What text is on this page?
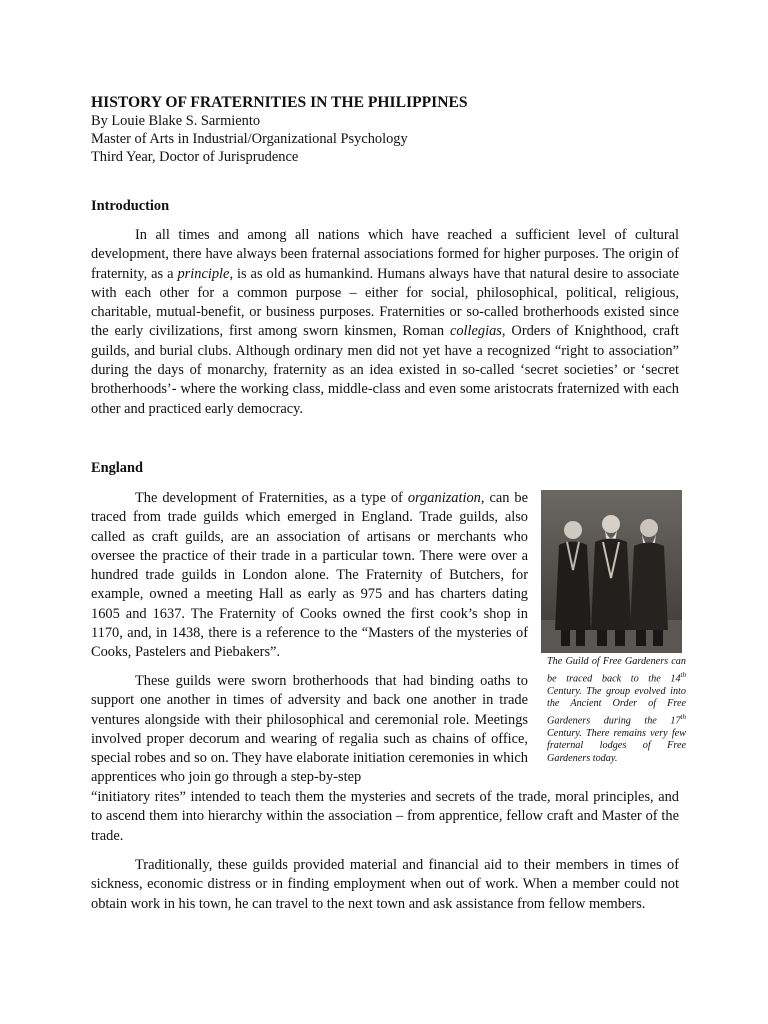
HISTORY OF FRATERNITIES IN THE PHILIPPINES

By Louie Blake S. Sarmiento

Master of Arts in Industrial/Organizational Psychology

Third Year, Doctor of Jurisprudence

Introduction

In all times and among all nations which have reached a sufficient level of cultural development, there have always been fraternal associations formed for higher purposes. The origin of fraternity, as a principle, is as old as humankind. Humans always have that natural desire to associate with each other for a common purpose – either for social, philosophical, political, religious, charitable, mutual-benefit, or business purposes. Fraternities or so-called brotherhoods existed since the early civilizations, first among sworn kinsmen, Roman collegias, Orders of Knighthood, craft guilds, and burial clubs. Although ordinary men did not yet have a recognized “right to association” during the days of monarchy, fraternity as an idea existed in so-called ‘secret societies’ or ‘secret brotherhoods’- where the working class, middle-class and even some aristocrats fraternized with each other and practiced early democracy.

England

The development of Fraternities, as a type of organization, can be traced from trade guilds which emerged in England. Trade guilds, also called as craft guilds, are an association of artisans or merchants who oversee the practice of their trade in a particular town. There were over a hundred trade guilds in London alone. The Fraternity of Butchers, for example, owned a meeting Hall as early as 975 and has charters dating 1605 and 1637. The Fraternity of Cooks owned the first cook’s shop in 1170, and, in 1438, there is a reference to the “Masters of the mysteries of Cooks, Pastelers and Piebakers”.

These guilds were sworn brotherhoods that had binding oaths to support one another in times of adversity and back one another in trade ventures alongside with their philosophical and ceremonial role. Meetings involved proper decorum and wearing of regalia such as chains of office, special robes and so on. They have elaborate initiation ceremonies in which apprentices who join go through a step-by-step

“initiatory rites” intended to teach them the mysteries and secrets of the trade, moral principles, and to ascend them into hierarchy within the association – from apprentice, fellow craft and Master of the trade.

Traditionally, these guilds provided material and financial aid to their members in times of sickness, economic distress or in finding employment when out of work. When a member could not obtain work in his town, he can travel to the next town and ask assistance from fellow members.

The Guild of Free Gardeners can be traced back to the 14th Century. The group evolved into the Ancient Order of Free Gardeners during the 17th Century. There remains very few fraternal lodges of Free Gardeners today.
